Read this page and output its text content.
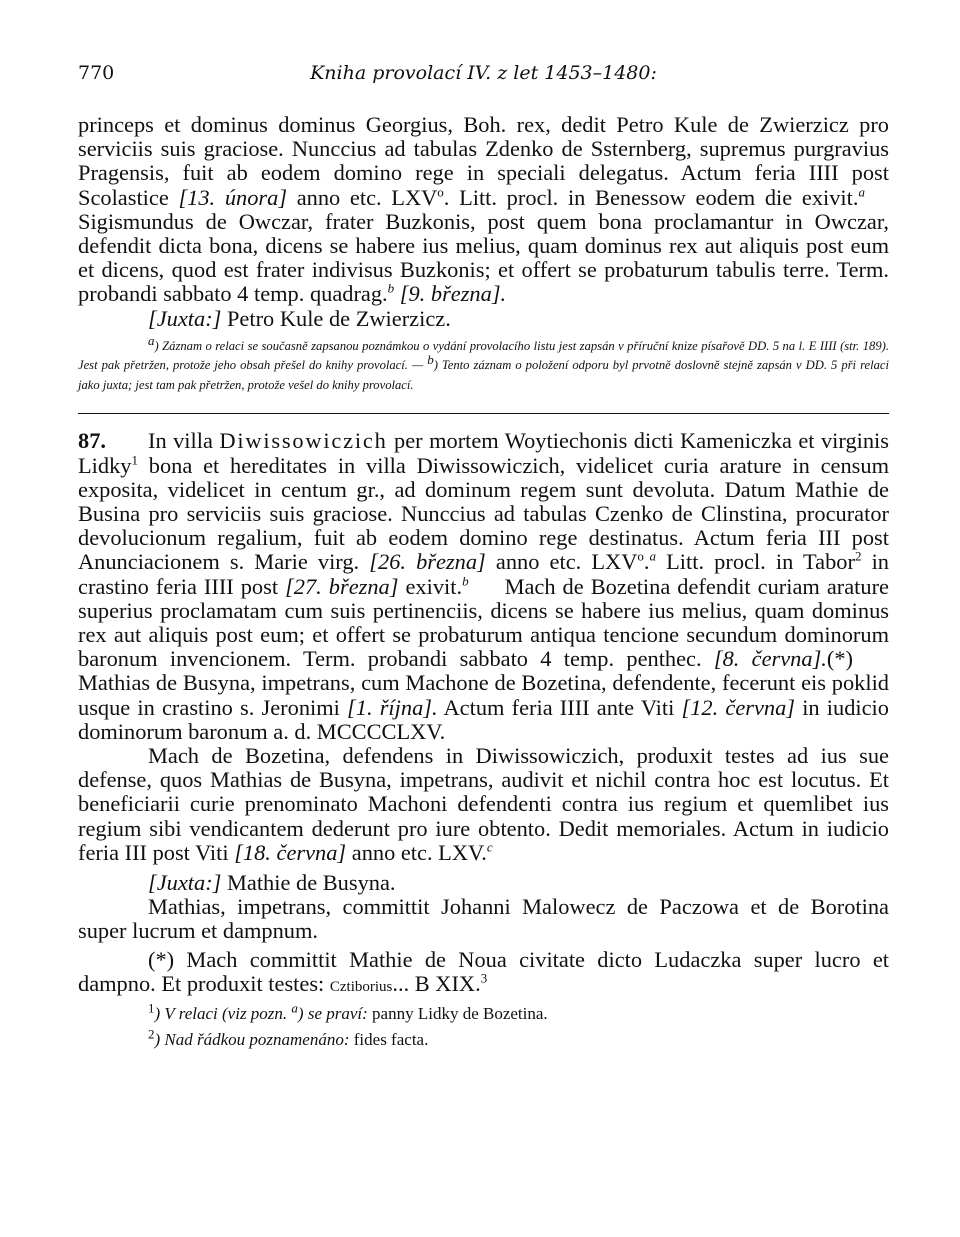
770	Kniha provolací IV. z let 1453–1480:

princeps et dominus dominus Georgius, Boh. rex, dedit Petro Kule de Zwierzicz pro serviciis suis graciose. Nunccius ad tabulas Zdenko de Ssternberg, supremus purgravius Pragensis, fuit ab eodem domino rege in speciali delegatus. Actum feria IIII post Scolastice [13. února] anno etc. LXV$^o$. Litt. procl. in Benessow eodem die exivit.$^a$Sigismundus de Owczar, frater Buzkonis, post quem bona proclamantur in Owczar, defendit dicta bona, dicens se habere ius melius, quam dominus rex aut aliquis post eum et dicens, quod est frater indivisus Buzkonis; et offert se probaturum tabulis terre. Term. probandi sabbato 4 temp. quadrag.$^b$ [9. března].

[Juxta:] Petro Kule de Zwierzicz.

$^a$) Záznam o relaci se současně zapsanou poznámkou o vydání provolacího listu jest zapsán v příruční knize písařově DD. 5 na l. E IIII (str. 189). Jest pak přetržen, protože jeho obsah přešel do knihy provolací. — $^b$) Tento záznam o položení odporu byl prvotně doslovně stejně zapsán v DD. 5 při relaci jako juxta; jest tam pak přetržen, protože vešel do knihy provolací.

87. In villa Diwissowiczich per mortem Woytiechonis dicti Kameniczka et virginis Lidky$^1$ bona et hereditates in villa Diwissowiczich, videlicet curia arature in censum exposita, videlicet in centum gr., ad dominum regem sunt devoluta. Datum Mathie de Busina pro serviciis suis graciose. Nunccius ad tabulas Czenko de Clinstina, procurator devolucionum regalium, fuit ab eodem domino rege destinatus. Actum feria III post Anunciacionem s. Marie virg. [26. března] anno etc. LXV$^o$.$^a$ Litt. procl. in Tabor$^2$ in crastino feria IIII post [27. března] exivit.$^b$ Mach de Bozetina defendit curiam arature superius proclamatam cum suis pertinenciis, dicens se habere ius melius, quam dominus rex aut aliquis post eum; et offert se probaturum antiqua tencione secundum dominorum baronum invencionem. Term. probandi sabbato 4 temp. penthec. [8. června].(*)Mathias de Busyna, impetrans, cum Machone de Bozetina, defendente, fecerunt eis poklid usque in crastino s. Jeronimi [1. října]. Actum feria IIII ante Viti [12. června] in iudicio dominorum baronum a. d. MCCCCLXV.

Mach de Bozetina, defendens in Diwissowiczich, produxit testes ad ius sue defense, quos Mathias de Busyna, impetrans, audivit et nichil contra hoc est locutus. Et beneficiarii curie prenominato Machoni defendenti contra ius regium et quemlibet ius regium sibi vendicantem dederunt pro iure obtento. Dedit memoriales. Actum in iudicio feria III post Viti [18. června] anno etc. LXV.$^c$

[Juxta:] Mathie de Busyna.

Mathias, impetrans, committit Johanni Malowecz de Paczowa et de Borotina super lucrum et dampnum.

(*) Mach committit Mathie de Noua civitate dicto Ludaczka super lucro et dampno. Et produxit testes: Cztiborius... B XIX.$^3$

$^1$) V relaci (viz pozn. $^a$) se praví: panny Lidky de Bozetina.

$^2$) Nad řádkou poznamenáno: fides facta.
